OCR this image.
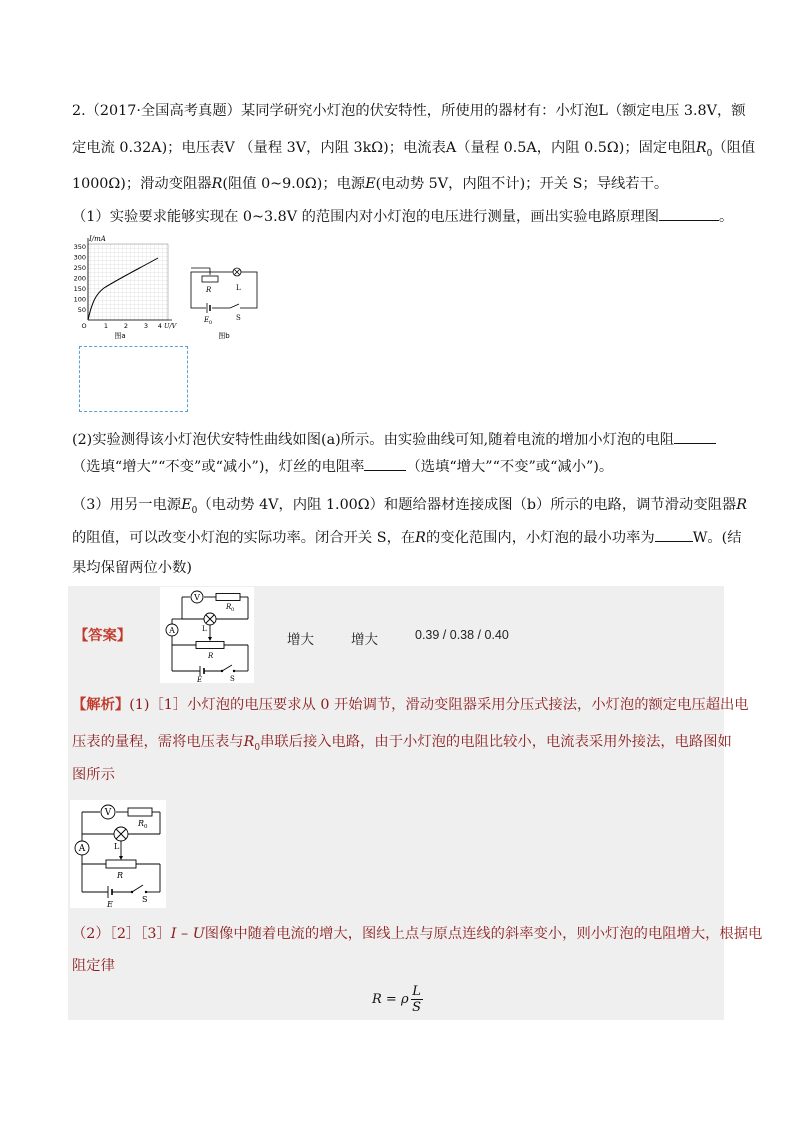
2.（2017·全国高考真题）某同学研究小灯泡的伏安特性，所使用的器材有：小灯泡L（额定电压 3.8V，额
定电流 0.32A)；电压表V （量程 3V，内阻 3kΩ)；电流表A（量程 0.5A，内阻 0.5Ω)；固定电阻$R_0$（阻值
1000Ω)；滑动变阻器R(阻值 0~9.0Ω)；电源E(电动势 5V，内阻不计)；开关 S；导线若干。
（1）实验要求能够实现在 0~3.8V 的范围内对小灯泡的电压进行测量，画出实验电路原理图	。
I/mA
50
100
150
200
250
300
350
O	1 2 3 4 U/V
图a
R	L
E 0
S
图b
(2)实验测得该小灯泡伏安特性曲线如图(a)所示。由实验曲线可知,随着电流的增加小灯泡的电阻
（选填“增大”“不变”或“减小”)，灯丝的电阻率	（选填“增大”“不变”或“减小”)。
（3）用另一电源$E_0$（电动势 4V，内阻 1.00Ω）和题给器材连接成图（b）所示的电路，调节滑动变阻器R
的阻值，可以改变小灯泡的实际功率。闭合开关 S，在R的变化范围内，小灯泡的最小功率为	W。(结
果均保留两位小数)
【答案】
V
A
R 0
L
R
E	S
增大	增大	0.39 / 0.38 / 0.40
【解析】(1)［1］小灯泡的电压要求从 0 开始调节，滑动变阻器采用分压式接法，小灯泡的额定电压超出电
压表的量程，需将电压表与$R_0$串联后接入电路，由于小灯泡的电阻比较小，电流表采用外接法，电路图如
图所示
V
A
R 0
L
R
E
S
（2）［2］［3］I – U图像中随着电流的增大，图线上点与原点连线的斜率变小，则小灯泡的电阻增大，根据电
阻定律
R = ρ
L
S
